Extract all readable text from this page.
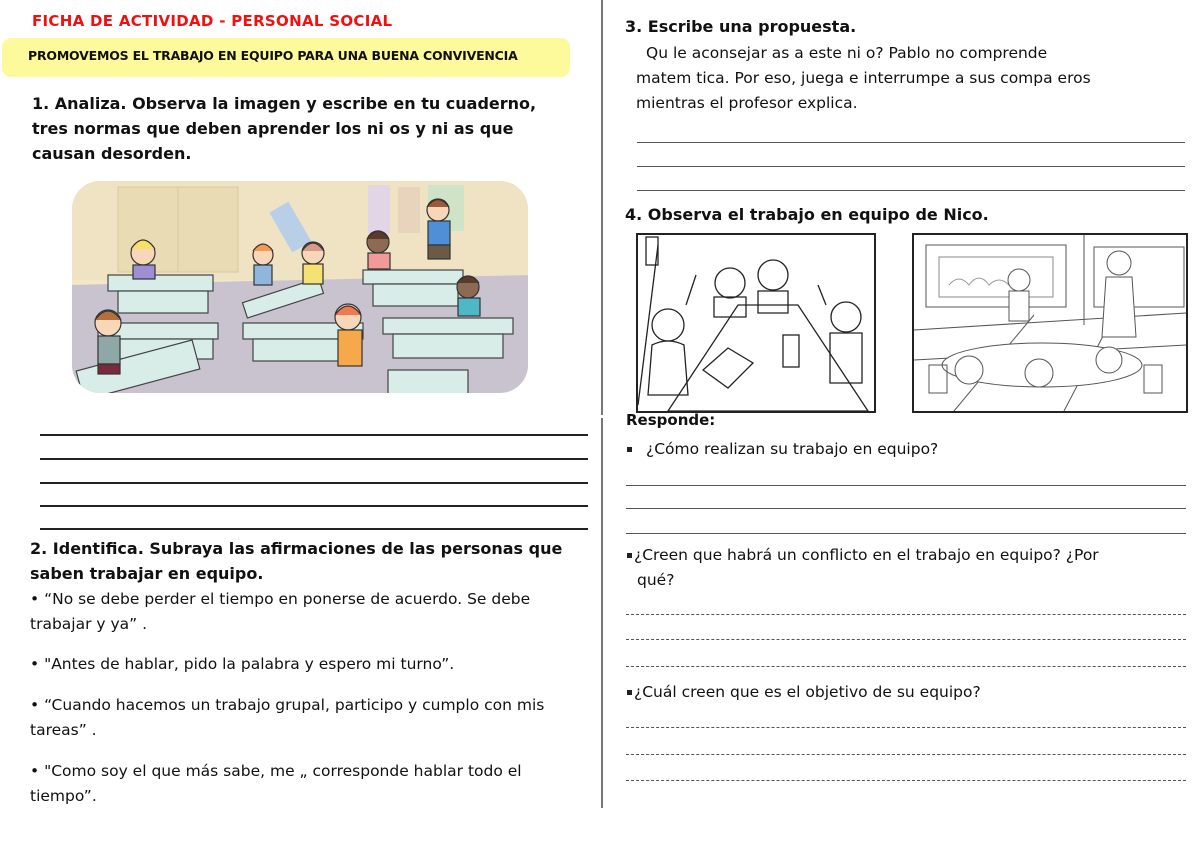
FICHA DE ACTIVIDAD - PERSONAL SOCIAL
PROMOVEMOS EL TRABAJO EN EQUIPO PARA UNA BUENA CONVIVENCIA
1. Analiza. Observa la imagen y escribe en tu cuaderno,
tres normas que deben aprender los ni os y ni as que
causan desorden.
2. Identifica. Subraya las afirmaciones de las personas que
saben trabajar en equipo.
• “No se debe perder el tiempo en ponerse de acuerdo. Se debe
trabajar y ya” .
• "Antes de hablar, pido la palabra y espero mi turno”.
• “Cuando hacemos un trabajo grupal, participo y cumplo con mis
tareas” .
• "Como soy el que más sabe, me „ corresponde hablar todo el
tiempo”.
3. Escribe una propuesta.
Qu le aconsejar as a este ni o? Pablo no comprende
matem tica. Por eso, juega e interrumpe a sus compa eros
mientras el profesor explica.
4. Observa el trabajo en equipo de Nico.
Responde:
¿Cómo realizan su trabajo en equipo?
¿Creen que habrá un conflicto en el trabajo en equipo? ¿Por
qué?
¿Cuál creen que es el objetivo de su equipo?
